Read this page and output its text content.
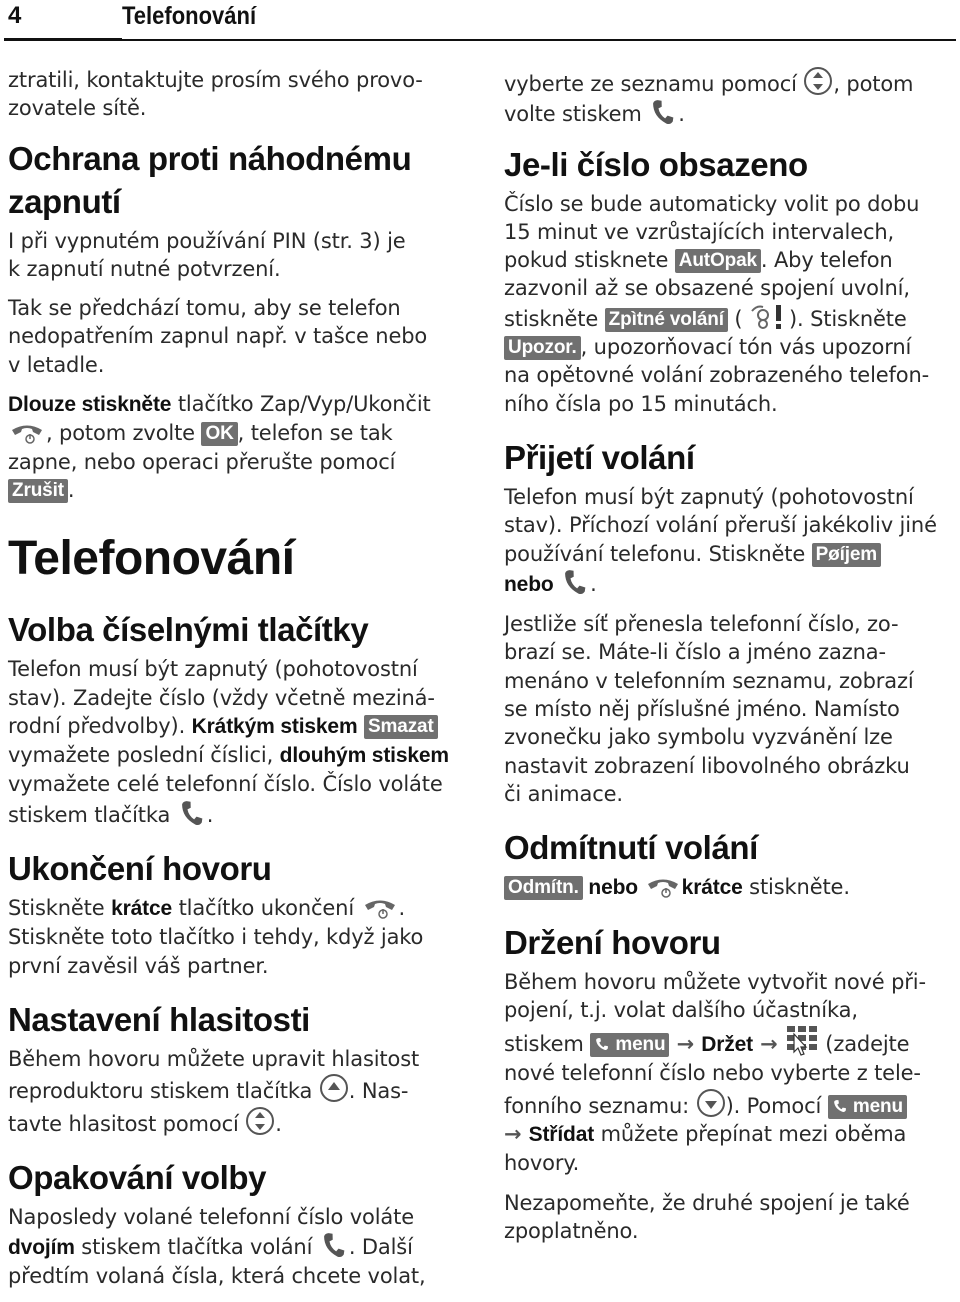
4	Telefonování

ztratili, kontaktujte prosím svého provo-
zovatele sítě.

Ochrana proti náhodnému
zapnutí

I při vypnutém používání PIN (str. 3) je
k zapnutí nutné potvrzení.

Tak se předchází tomu, aby se telefon
nedopatřením zapnul např. v tašce nebo
v letadle.

Dlouze stiskněte tlačítko Zap/Vyp/Ukončit
, potom zvolte OK , telefon se tak
zapne, nebo operaci přerušte pomocí
Zrušit .

Telefonování
Volba číselnými tlačítky

Telefon musí být zapnutý (pohotovostní
stav). Zadejte číslo (vždy včetně meziná-
rodní předvolby). Krátkým stiskem Smazat
vymažete poslední číslici, dlouhým stiskem
vymažete celé telefonní číslo. Číslo voláte
stiskem tlačítka .

Ukončení hovoru

Stiskněte krátce tlačítko ukončení .
Stiskněte toto tlačítko i tehdy, když jako
první zavěsil váš partner.

Nastavení hlasitosti

Během hovoru můžete upravit hlasitost
reproduktoru stiskem tlačítka . Nas-
tavte hlasitost pomocí .

Opakování volby

Naposledy volané telefonní číslo voláte
dvojím stiskem tlačítka volání . Další
předtím volaná čísla, která chcete volat,

vyberte ze seznamu pomocí , potom
volte stiskem .

Je-li číslo obsazeno

Číslo se bude automaticky volit po dobu
15 minut ve vzrůstajících intervalech,
pokud stisknete AutOpak . Aby telefon
zazvonil až se obsazené spojení uvolní,
stiskněte Zpìtné volání ( ). Stiskněte
Upozor. , upozorňovací tón vás upozorní
na opětovné volání zobrazeného telefon-
ního čísla po 15 minutách.

Přijetí volání

Telefon musí být zapnutý (pohotovostní
stav). Příchozí volání přeruší jakékoliv jiné
používání telefonu. Stiskněte Pøíjem
nebo .

Jestliže síť přenesla telefonní číslo, zo-
brazí se. Máte-li číslo a jméno zazna-
menáno v telefonním seznamu, zobrazí
se místo něj příslušné jméno. Namísto
zvonečku jako symbolu vyzvánění lze
nastavit zobrazení libovolného obrázku
či animace.

Odmítnutí volání

Odmítn. nebo krátce stiskněte.

Držení hovoru

Během hovoru můžete vytvořit nové při-
pojení, t.j. volat dalšího účastníka,
stiskem  menu → Držet →  (zadejte
nové telefonní číslo nebo vyberte z tele-
fonního seznamu: ). Pomocí  menu
→ Střídat můžete přepínat mezi oběma
hovory.

Nezapomeňte, že druhé spojení je také
zpoplatněno.
